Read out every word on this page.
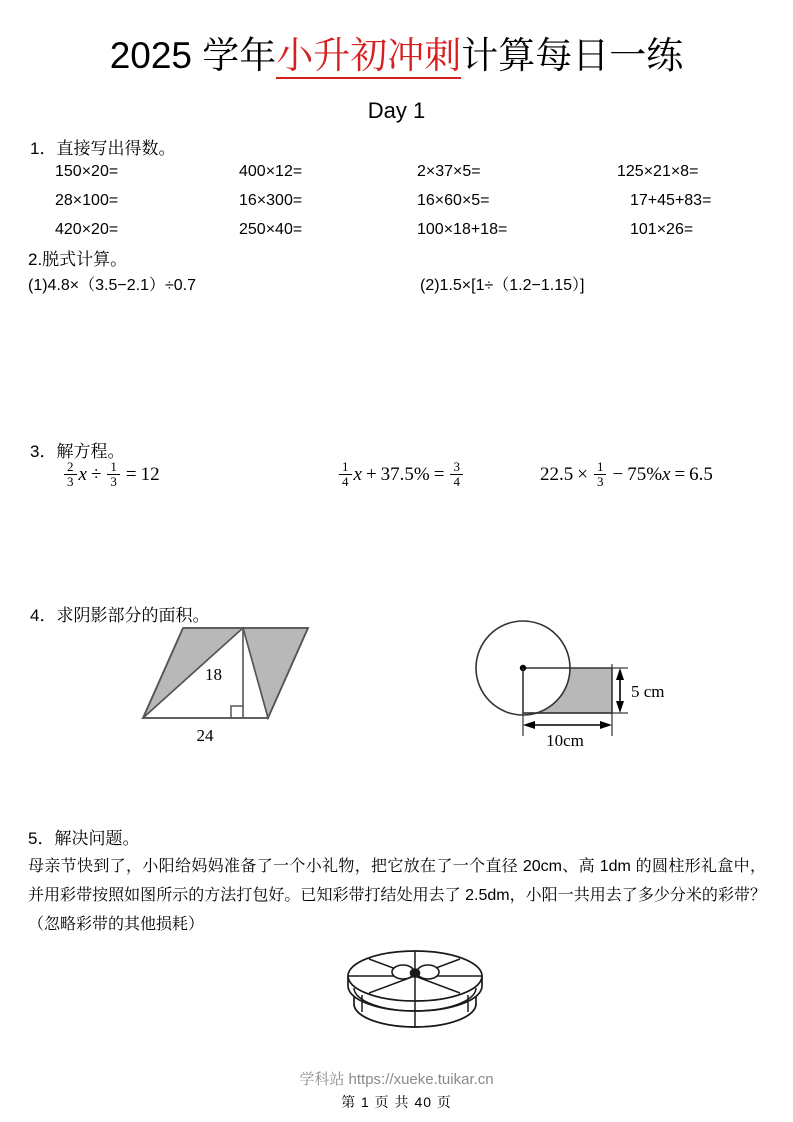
2025 学年小升初冲刺计算每日一练
Day 1
1．直接写出得数。
150×20=	400×12=	2×37×5=	125×21×8=
28×100=	16×300=	16×60×5=	17+45+83=
420×20=	250×40=	100×18+18=	101×26=
2.脱式计算。
(1)4.8×（3.5−2.1）÷0.7	(2)1.5×[1÷（1.2−1.15）]
3．解方程。
$\frac{2}{3}$ $x \div \frac{1}{3} = 12$	$\frac{1}{4}$ $x + 37.5\% = \frac{3}{4}$	$22.5 \times \frac{1}{3} - 75\%$ x = 6.5
4．求阴影部分的面积。
18
24	10cm
5 cm
5．解决问题。
母亲节快到了，小阳给妈妈准备了一个小礼物，把它放在了一个直径 20cm、高 1dm 的圆柱形礼盒中，并用彩带按照如图所示的方法打包好。已知彩带打结处用去了 2.5dm，小阳一共用去了多少分米的彩带？（忽略彩带的其他损耗）
学科站 https://xueke.tuikar.cn
第 1 页 共 40 页
